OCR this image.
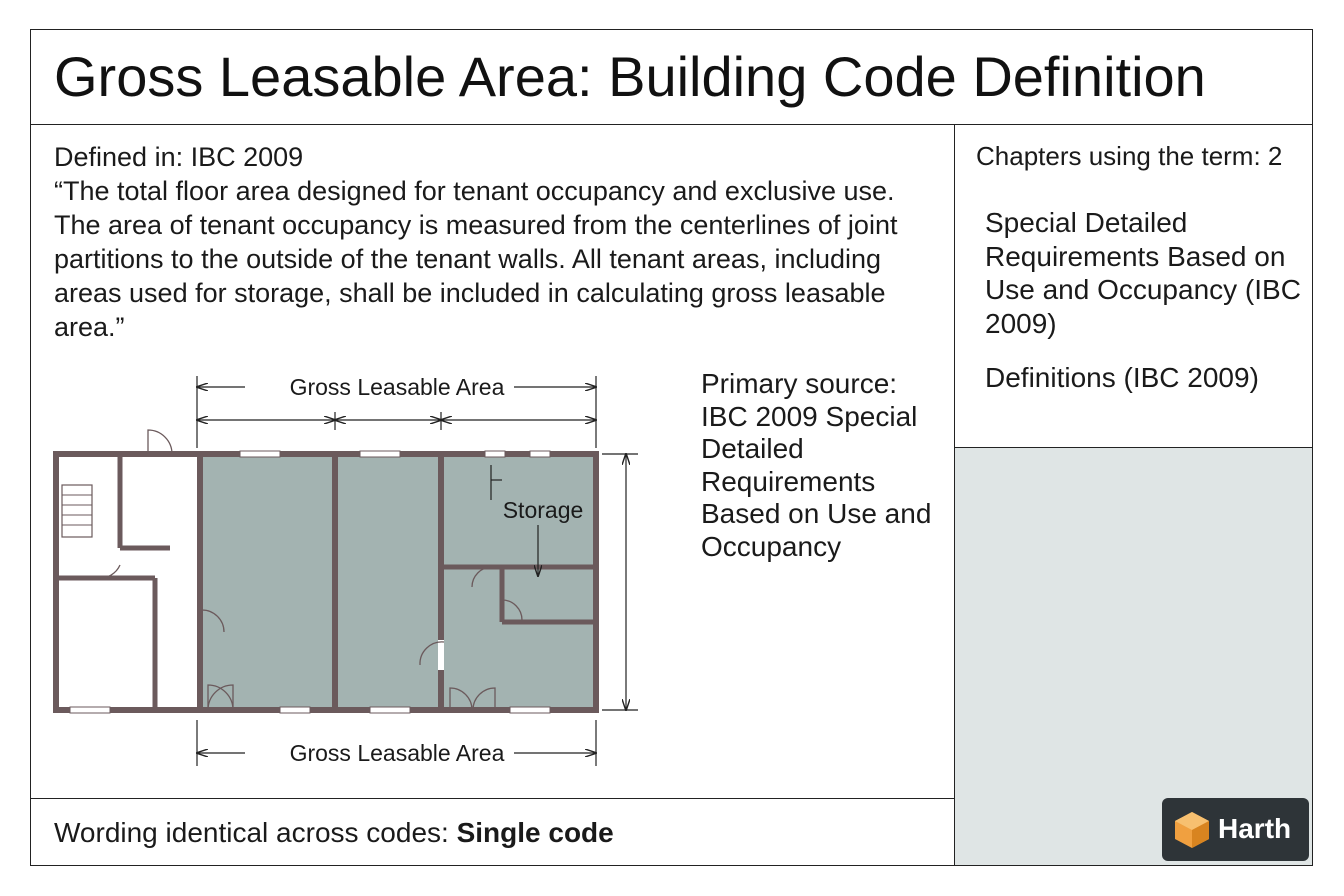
Gross Leasable Area: Building Code Definition
Defined in: IBC 2009
“The total floor area designed for tenant occupancy and exclusive use. The area of tenant occupancy is measured from the centerlines of joint partitions to the outside of the tenant walls. All tenant areas, including areas used for storage, shall be included in calculating gross leasable area.”
Gross Leasable Area
Gross Leasable Area
Storage
Primary source: IBC 2009 Special Detailed Requirements Based on Use and Occupancy
Chapters using the term: 2
Special Detailed Requirements Based on Use and Occupancy (IBC 2009)
Definitions (IBC 2009)
Wording identical across codes: Single code	Harth
